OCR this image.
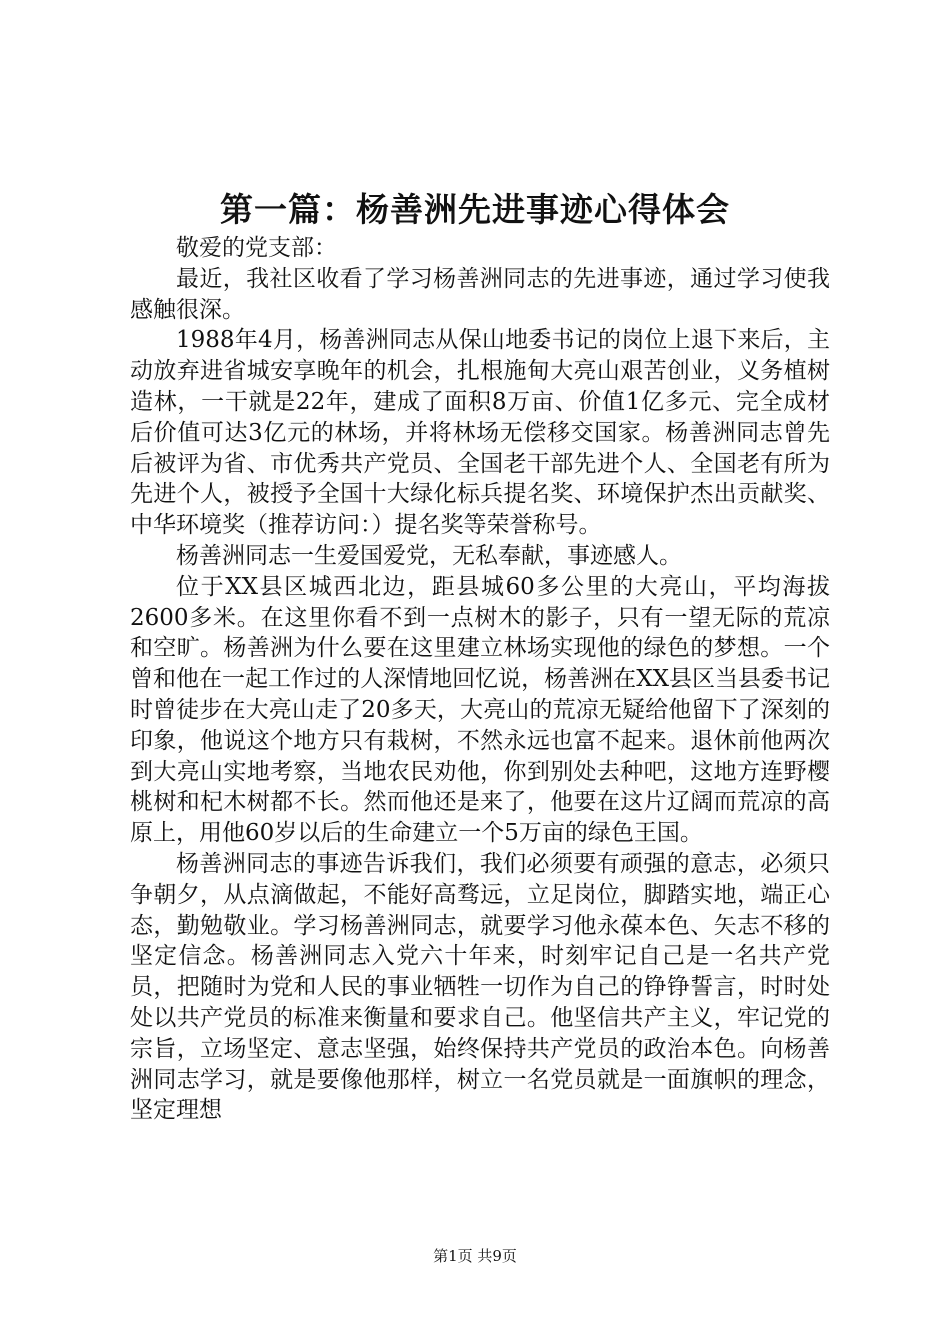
第一篇：杨善洲先进事迹心得体会

敬爱的党支部：

最近，我社区收看了学习杨善洲同志的先进事迹，通过学习使我感触很深。

1988年4月，杨善洲同志从保山地委书记的岗位上退下来后，主动放弃进省城安享晚年的机会，扎根施甸大亮山艰苦创业，义务植树造林，一干就是22年，建成了面积8万亩、价值1亿多元、完全成材后价值可达3亿元的林场，并将林场无偿移交国家。杨善洲同志曾先后被评为省、市优秀共产党员、全国老干部先进个人、全国老有所为先进个人，被授予全国十大绿化标兵提名奖、环境保护杰出贡献奖、中华环境奖（推荐访问：）提名奖等荣誉称号。

杨善洲同志一生爱国爱党，无私奉献，事迹感人。

位于XX县区城西北边，距县城60多公里的大亮山，平均海拔2600多米。在这里你看不到一点树木的影子，只有一望无际的荒凉和空旷。杨善洲为什么要在这里建立林场实现他的绿色的梦想。一个曾和他在一起工作过的人深情地回忆说，杨善洲在XX县区当县委书记时曾徒步在大亮山走了20多天，大亮山的荒凉无疑给他留下了深刻的印象，他说这个地方只有栽树，不然永远也富不起来。退休前他两次到大亮山实地考察，当地农民劝他，你到别处去种吧，这地方连野樱桃树和杞木树都不长。然而他还是来了，他要在这片辽阔而荒凉的高原上，用他60岁以后的生命建立一个5万亩的绿色王国。

杨善洲同志的事迹告诉我们，我们必须要有顽强的意志，必须只争朝夕，从点滴做起，不能好高骛远，立足岗位，脚踏实地，端正心态，勤勉敬业。学习杨善洲同志，就要学习他永葆本色、矢志不移的坚定信念。杨善洲同志入党六十年来，时刻牢记自己是一名共产党员，把随时为党和人民的事业牺牲一切作为自己的铮铮誓言，时时处处以共产党员的标准来衡量和要求自己。他坚信共产主义，牢记党的宗旨，立场坚定、意志坚强，始终保持共产党员的政治本色。向杨善洲同志学习，就是要像他那样，树立一名党员就是一面旗帜的理念，坚定理想

第1页 共9页
